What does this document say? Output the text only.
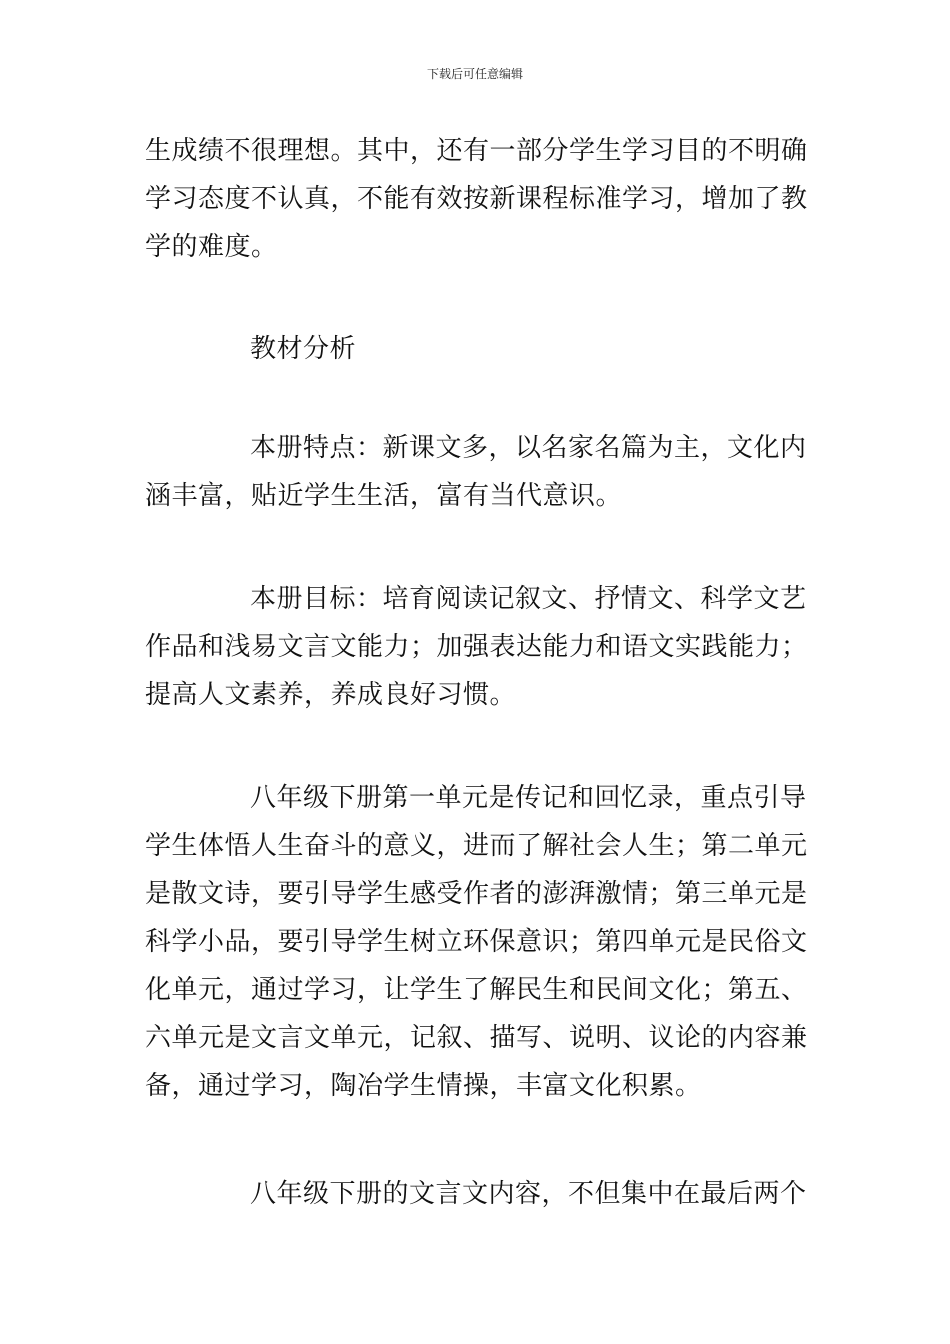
下载后可任意编辑

生成绩不很理想。其中，还有一部分学生学习目的不明确学习态度不认真，不能有效按新课程标准学习，增加了教学的难度。

教材分析

本册特点：新课文多，以名家名篇为主，文化内涵丰富，贴近学生生活，富有当代意识。

本册目标：培育阅读记叙文、抒情文、科学文艺作品和浅易文言文能力；加强表达能力和语文实践能力；提高人文素养，养成良好习惯。

八年级下册第一单元是传记和回忆录，重点引导学生体悟人生奋斗的意义，进而了解社会人生；第二单元是散文诗，要引导学生感受作者的澎湃激情；第三单元是科学小品，要引导学生树立环保意识；第四单元是民俗文化单元，通过学习，让学生了解民生和民间文化；第五、六单元是文言文单元，记叙、描写、说明、议论的内容兼备，通过学习，陶冶学生情操，丰富文化积累。

八年级下册的文言文内容，不但集中在最后两个
